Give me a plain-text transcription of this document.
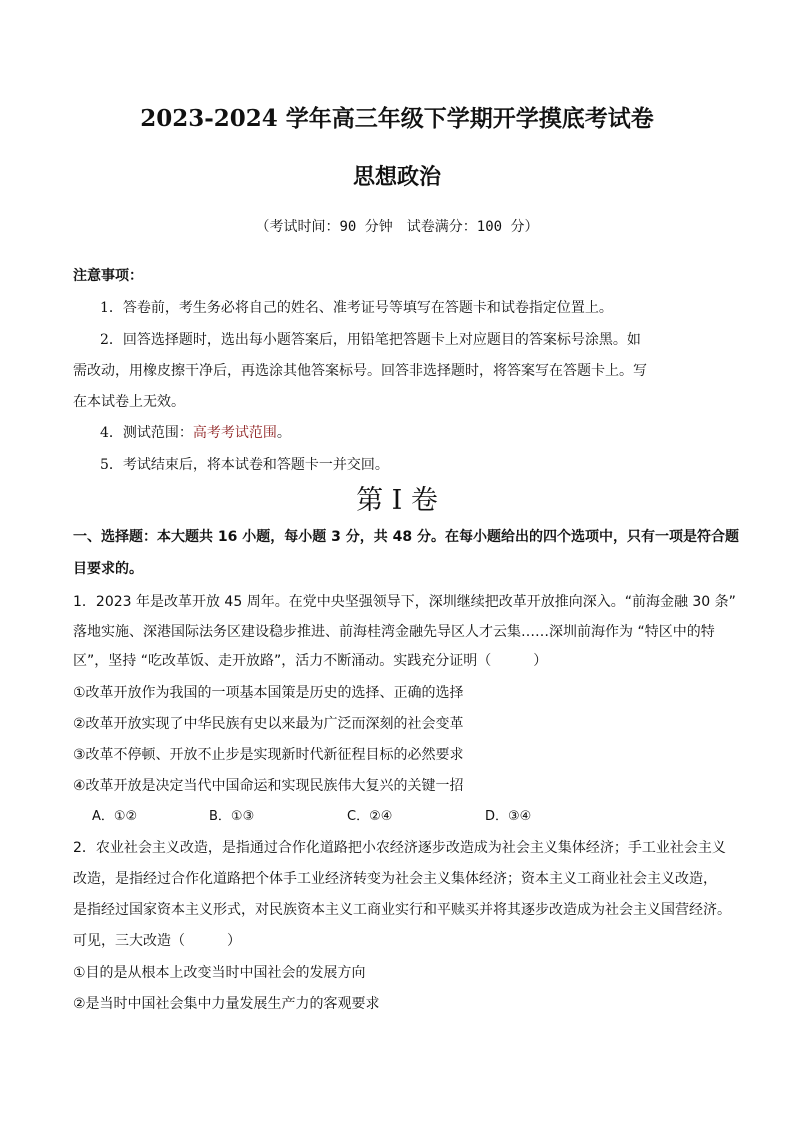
2023-2024 学年高三年级下学期开学摸底考试卷
思想政治
（考试时间：90 分钟　试卷满分：100 分）
注意事项：
1．答卷前，考生务必将自己的姓名、准考证号等填写在答题卡和试卷指定位置上。
2．回答选择题时，选出每小题答案后，用铅笔把答题卡上对应题目的答案标号涂黑。如
需改动，用橡皮擦干净后，再选涂其他答案标号。回答非选择题时，将答案写在答题卡上。写
在本试卷上无效。
4．测试范围：高考考试范围。
5．考试结束后，将本试卷和答题卡一并交回。
第 I 卷
一、选择题：本大题共 16 小题，每小题 3 分，共 48 分。在每小题给出的四个选项中，只有一项是符合题
目要求的。
1．2023 年是改革开放 45 周年。在党中央坚强领导下，深圳继续把改革开放推向深入。“前海金融 30 条”
落地实施、深港国际法务区建设稳步推进、前海桂湾金融先导区人才云集……深圳前海作为 “特区中的特
区”，坚持 “吃改革饭、走开放路”，活力不断涌动。实践充分证明（　　　）
①改革开放作为我国的一项基本国策是历史的选择、正确的选择
②改革开放实现了中华民族有史以来最为广泛而深刻的社会变革
③改革不停顿、开放不止步是实现新时代新征程目标的必然要求
④改革开放是决定当代中国命运和实现民族伟大复兴的关键一招
A．①②	B．①③	C．②④	D．③④
2．农业社会主义改造，是指通过合作化道路把小农经济逐步改造成为社会主义集体经济；手工业社会主义
改造，是指经过合作化道路把个体手工业经济转变为社会主义集体经济；资本主义工商业社会主义改造，
是指经过国家资本主义形式，对民族资本主义工商业实行和平赎买并将其逐步改造成为社会主义国营经济。
可见，三大改造（　　　）
①目的是从根本上改变当时中国社会的发展方向
②是当时中国社会集中力量发展生产力的客观要求
